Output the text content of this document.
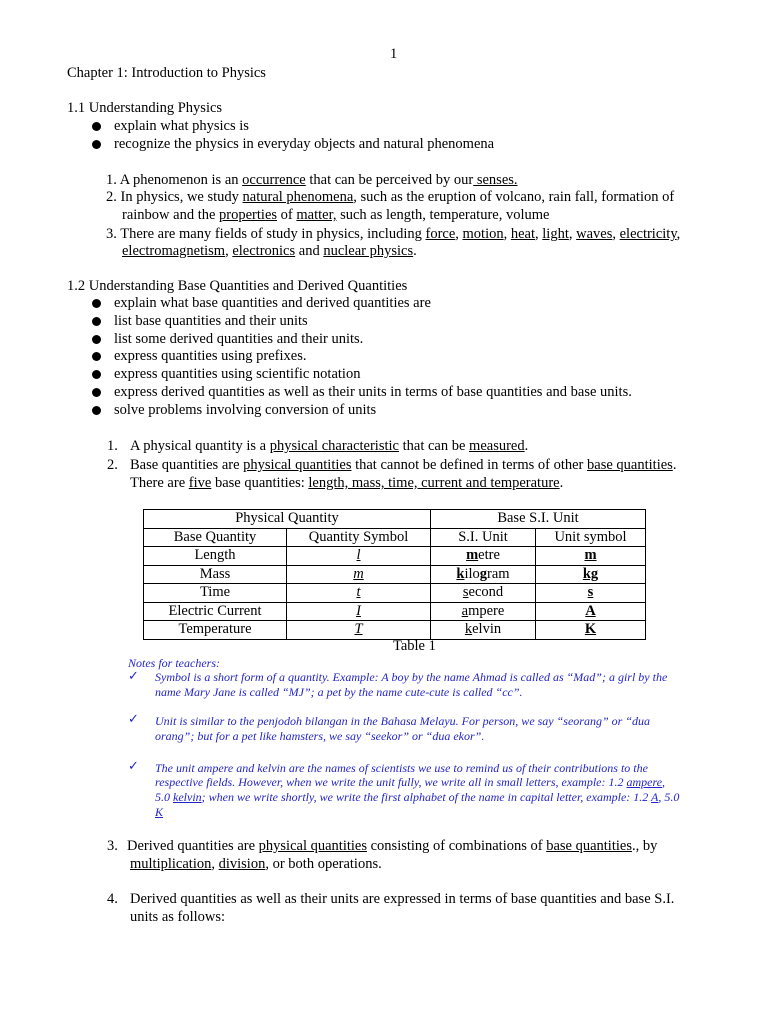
1
Chapter 1: Introduction to Physics
1.1 Understanding Physics
explain what physics is
recognize the physics in everyday objects and natural phenomena
1. A phenomenon is an occurrence that can be perceived by our senses.
2. In physics, we study natural phenomena, such as the eruption of volcano, rain fall, formation of
rainbow and the properties of matter, such as length, temperature, volume
3. There are many fields of study in physics, including force, motion, heat, light, waves, electricity,
electromagnetism, electronics and nuclear physics.
1.2 Understanding Base Quantities and Derived Quantities
explain what base quantities and derived quantities are
list base quantities and their units
list some derived quantities and their units.
express quantities using prefixes.
express quantities using scientific notation
express derived quantities as well as their units in terms of base quantities and base units.
solve problems involving conversion of units
1. A physical quantity is a physical characteristic that can be measured.
2. Base quantities are physical quantities that cannot be defined in terms of other base quantities.
There are five base quantities: length, mass, time, current and temperature.
Physical Quantity		Base S.I. Unit	
Base Quantity	Quantity Symbol	S.I. Unit	Unit symbol
Length	l	metre	m
Mass	m	kilogram	kg
Time	t	second	s
Electric Current	I	ampere	A
Temperature	T	kelvin	K
Table 1
Notes for teachers:
✓ Symbol is a short form of a quantity. Example: A boy by the name Ahmad is called as “Mad”; a girl by the
name Mary Jane is called “MJ”; a pet by the name cute-cute is called “cc”.
✓ Unit is similar to the penjodoh bilangan in the Bahasa Melayu. For person, we say “seorang” or “dua
orang”; but for a pet like hamsters, we say “seekor” or “dua ekor”.
✓ The unit ampere and kelvin are the names of scientists we use to remind us of their contributions to the
respective fields. However, when we write the unit fully, we write all in small letters, example: 1.2 ampere,
5.0 kelvin; when we write shortly, we write the first alphabet of the name in capital letter, example: 1.2 A, 5.0
K
3. Derived quantities are physical quantities consisting of combinations of base quantities., by
multiplication, division, or both operations.
4. Derived quantities as well as their units are expressed in terms of base quantities and base S.I.
units as follows:
